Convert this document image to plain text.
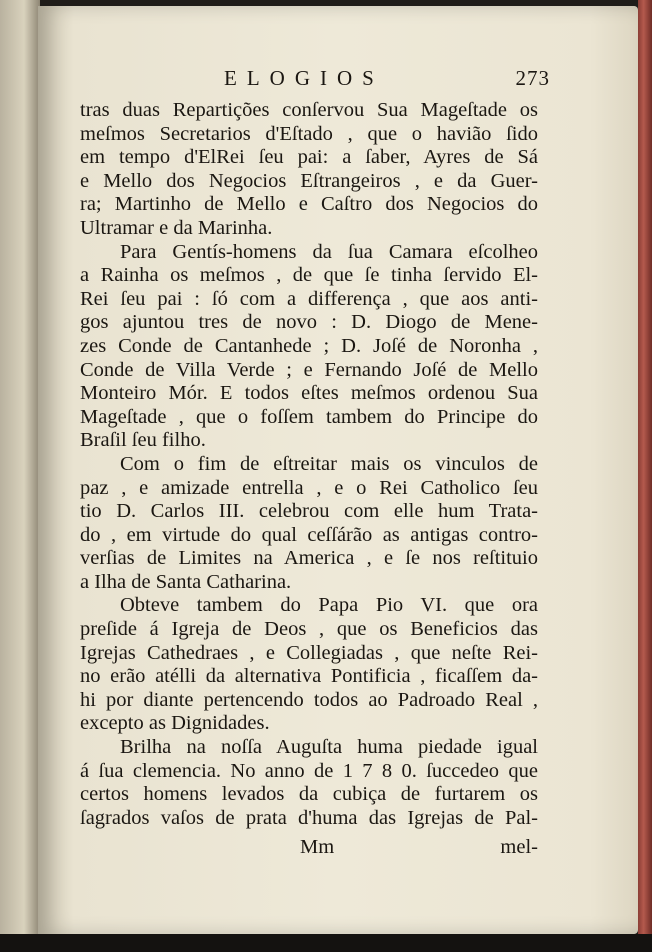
ELOGIOS	273
tras duas Repartições conſervou Sua Mageſtade os
meſmos Secretarios d'Eſtado , que o havião ſido
em tempo d'ElRei ſeu pai: a ſaber, Ayres de Sá
e Mello dos Negocios Eſtrangeiros , e da Guer-
ra; Martinho de Mello e Caſtro dos Negocios do
Ultramar e da Marinha.
Para Gentís-homens da ſua Camara eſcolheo
a Rainha os meſmos , de que ſe tinha ſervido El-
Rei ſeu pai : ſó com a differença , que aos anti-
gos ajuntou tres de novo : D. Diogo de Mene-
zes Conde de Cantanhede ; D. Joſé de Noronha ,
Conde de Villa Verde ; e Fernando Joſé de Mello
Monteiro Mór. E todos eſtes meſmos ordenou Sua
Mageſtade , que o foſſem tambem do Principe do
Braſil ſeu filho.
Com o fim de eſtreitar mais os vinculos de
paz , e amizade entrella , e o Rei Catholico ſeu
tio D. Carlos III. celebrou com elle hum Trata-
do , em virtude do qual ceſſárão as antigas contro-
verſias de Limites na America , e ſe nos reſtituio
a Ilha de Santa Catharina.
Obteve tambem do Papa Pio VI. que ora
preſide á Igreja de Deos , que os Beneficios das
Igrejas Cathedraes , e Collegiadas , que neſte Rei-
no erão atélli da alternativa Pontificia , ficaſſem da-
hi por diante pertencendo todos ao Padroado Real ,
excepto as Dignidades.
Brilha na noſſa Auguſta huma piedade igual
á ſua clemencia. No anno de 1 7 8 0. ſuccedeo que
certos homens levados da cubiça de furtarem os
ſagrados vaſos de prata d'huma das Igrejas de Pal-
Mm	mel-
